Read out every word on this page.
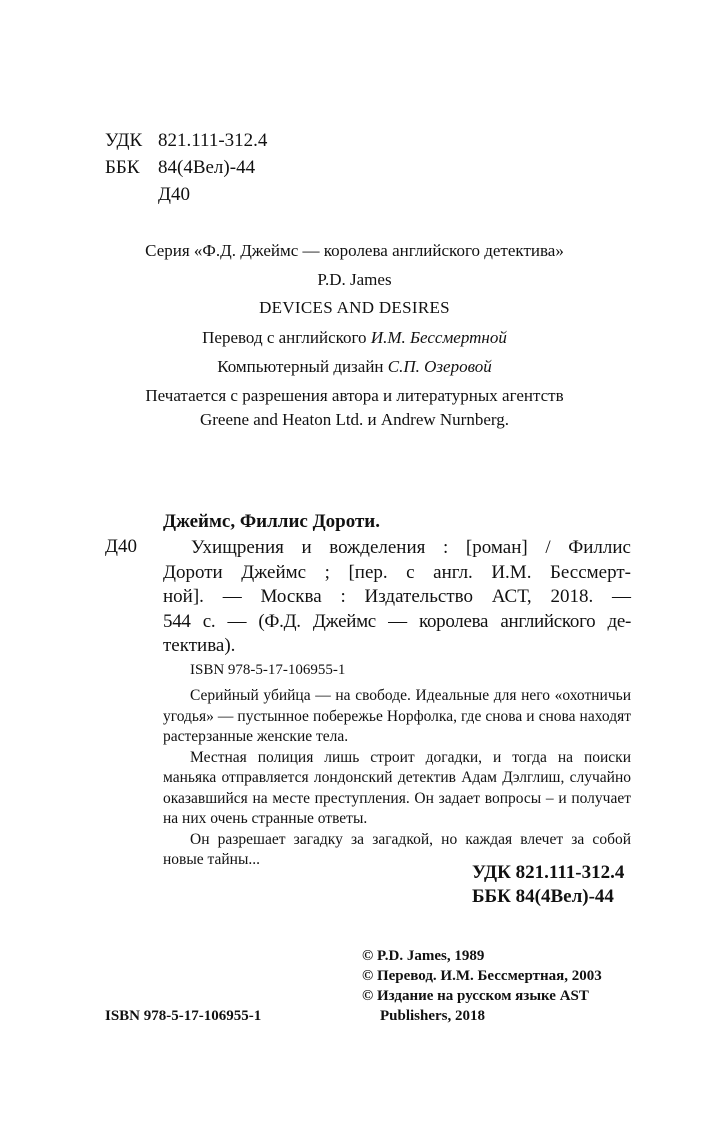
УДК 821.111-312.4
ББК 84(4Вел)-44
Д40
Серия «Ф.Д. Джеймс — королева английского детектива»
P.D. James
DEVICES AND DESIRES
Перевод с английского И.М. Бессмертной
Компьютерный дизайн С.П. Озеровой
Печатается с разрешения автора и литературных агентств
Greene and Heaton Ltd. и Andrew Nurnberg.
Джеймс, Филлис Дороти.
Д40	Ухищрения и вожделения : [роман] / Филлис
Дороти Джеймс ; [пер. с англ. И.М. Бессмерт-
ной]. — Москва : Издательство АСТ, 2018. —
544 с. — (Ф.Д. Джеймс — королева английского де-
тектива).
ISBN 978-5-17-106955-1

Серийный убийца — на свободе. Идеальные для него «охотничьи угодья» — пустынное побережье Норфолка, где снова и снова находят растерзанные женские тела.

Местная полиция лишь строит догадки, и тогда на поиски маньяка отправляется лондонский детектив Адам Дэлглиш, случайно оказавшийся на месте преступления. Он задает вопросы – и получает на них очень странные ответы.

Он разрешает загадку за загадкой, но каждая влечет за собой новые тайны...

УДК 821.111-312.4
ББК 84(4Вел)-44
© P.D. James, 1989
© Перевод. И.М. Бессмертная, 2003
© Издание на русском языке AST
Publishers, 2018
ISBN 978-5-17-106955-1
